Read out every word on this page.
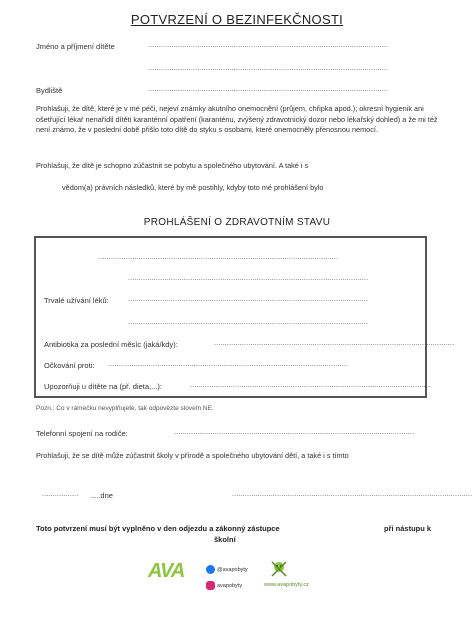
POTVRZENÍ O BEZINFEKČNOSTI
Jméno a příjmení dítěte	................................................................................................................
................................................................................................................
Bydliště	................................................................................................................
Prohlašuji, že dítě, které je v mé péči, nejeví známky akutního onemocnění (průjem, chřipka apod.); okresní hygienik ani ošetřující lékař nenařídil dítěti karanténní opatření (karanténu, zvýšený zdravotnický dozor nebo lékařský dohled) a že mi též není známo, že v poslední době přišlo toto dítě do styku s osobami, které onemocněly přenosnou nemocí.
Prohlašuji, že dítě je schopno zúčastnit se pobytu a společného ubytování. A také i s
vědom(a) právních následků, které by mě postihly, kdyby toto mé prohlášení bylo
PROHLÁŠENÍ O ZDRAVOTNÍM STAVU
................................................................................................................
................................................................................................................
Trvalé užívání léků:	................................................................................................................
................................................................................................................
Antibiotika za poslední měsíc (jaká/kdy):	................................................................................................................
Očkování proti: ................................................................................................................
Upozorňuji u dítěte na (př. dieta,...):	................................................................................................................
Pozn.: Co v rámečku nevyplňujete, tak odpovězte slovem NE.
Telefonní spojení na rodiče:	................................................................................................................
Prohlašuji, že se dítě může zúčastnit školy v přírodě a společného ubytování dětí, a také i s tímto
.................	.....dne	................................................................................................................
Toto potvrzení musí být vyplněno v den odjezdu a zákonný zástupce	při nástupu k
školní
AVA	@avapobyty
avapobyty	www.avapobyty.cz
